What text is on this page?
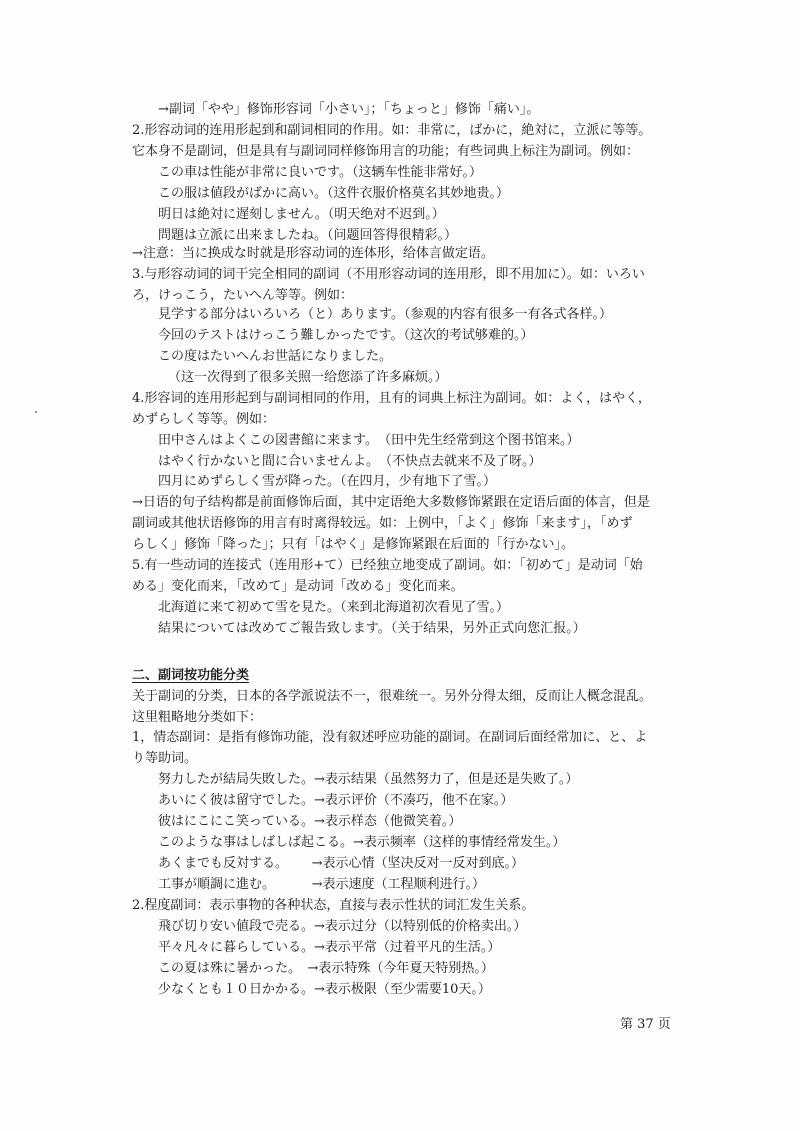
→副词「やや」修饰形容词「小さい」；「ちょっと」修饰「痛い」。
2.形容动词的连用形起到和副词相同的作用。如：非常に，ばかに，絶対に，立派に等等。
它本身不是副词，但是具有与副词同样修饰用言的功能；有些词典上标注为副词。例如：
この車は性能が非常に良いです。（这辆车性能非常好。）
この服は値段がばかに高い。（这件衣服价格莫名其妙地贵。）
明日は絶対に遅刻しません。（明天绝对不迟到。）
問題は立派に出来ましたね。（问题回答得很精彩。）
→注意：当に换成な时就是形容动词的连体形，给体言做定语。
3.与形容动词的词干完全相同的副词（不用形容动词的连用形，即不用加に）。如：いろい
ろ，けっこう，たいへん等等。例如：
見学する部分はいろいろ（と）あります。（参观的内容有很多一有各式各样。）
今回のテストはけっこう難しかったです。（这次的考试够难的。）
この度はたいへんお世話になりました。
（这一次得到了很多关照一给您添了许多麻烦。）
4.形容词的连用形起到与副词相同的作用，且有的词典上标注为副词。如：よく，はやく，
めずらしく等等。例如：
田中さんはよくこの図書館に来ます。　（田中先生经常到这个图书馆来。）
はやく行かないと間に合いませんよ。　（不快点去就来不及了呀。）
四月にめずらしく雪が降った。（在四月，少有地下了雪。）
→日语的句子结构都是前面修饰后面，其中定语绝大多数修饰紧跟在定语后面的体言，但是
副词或其他状语修饰的用言有时离得较远。如：上例中，「よく」修饰「来ます」，「めず
らしく」修饰「降った」；只有「はやく」是修饰紧跟在后面的「行かない」。
5.有一些动词的连接式（连用形+て）已经独立地变成了副词。如：「初めて」是动词「始
める」变化而来，「改めて」是动词「改める」变化而来。
北海道に来て初めて雪を見た。（来到北海道初次看见了雪。）
結果については改めてご報告致します。（关于结果，另外正式向您汇报。）
二、副词按功能分类
关于副词的分类，日本的各学派说法不一，很难统一。另外分得太细，反而让人概念混乱。
这里粗略地分类如下：
1，情态副词：是指有修饰功能，没有叙述呼应功能的副词。在副词后面经常加に、と、よ
り等助词。
努力したが結局失敗した。→表示结果（虽然努力了，但是还是失败了。）
あいにく彼は留守でした。→表示评价（不凑巧，他不在家。）
彼はにこにこ笑っている。→表示样态（他微笑着。）
このような事はしばしば起こる。→表示频率（这样的事情经常发生。）
あくまでも反対する。　　 →表示心情（坚决反对一反对到底。）
工事が順調に進む。　　　 →表示速度（工程顺利进行。）
2.程度副词：表示事物的各种状态，直接与表示性状的词汇发生关系。
飛び切り安い値段で売る。→表示过分（以特别低的价格卖出。）
平々凡々に暮らしている。→表示平常（过着平凡的生活。）
この夏は殊に暑かった。　→表示特殊（今年夏天特别热。）
少なくとも１０日かかる。→表示极限（至少需要10天。）
第 37 页
